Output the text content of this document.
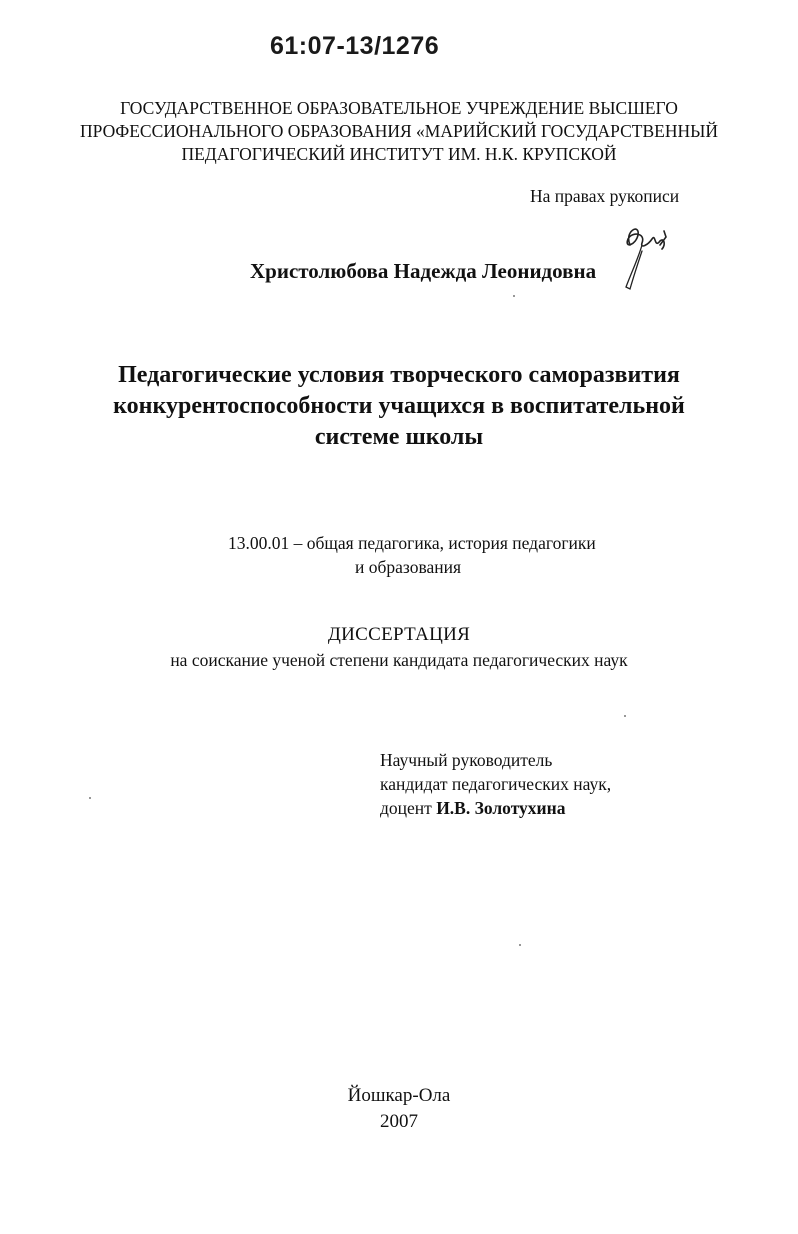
61:07-13/1276
ГОСУДАРСТВЕННОЕ ОБРАЗОВАТЕЛЬНОЕ УЧРЕЖДЕНИЕ ВЫСШЕГО
ПРОФЕССИОНАЛЬНОГО ОБРАЗОВАНИЯ «МАРИЙСКИЙ ГОСУДАРСТВЕННЫЙ
ПЕДАГОГИЧЕСКИЙ ИНСТИТУТ ИМ. Н.К. КРУПСКОЙ
На правах рукописи
Христолюбова Надежда Леонидовна
Педагогические условия творческого саморазвития
конкурентоспособности учащихся в воспитательной
системе школы
13.00.01 – общая педагогика, история педагогики
и образования
ДИССЕРТАЦИЯ
на соискание ученой степени кандидата педагогических наук
Научный руководитель
кандидат педагогических наук,
доцент И.В. Золотухина
Йошкар-Ола
2007
